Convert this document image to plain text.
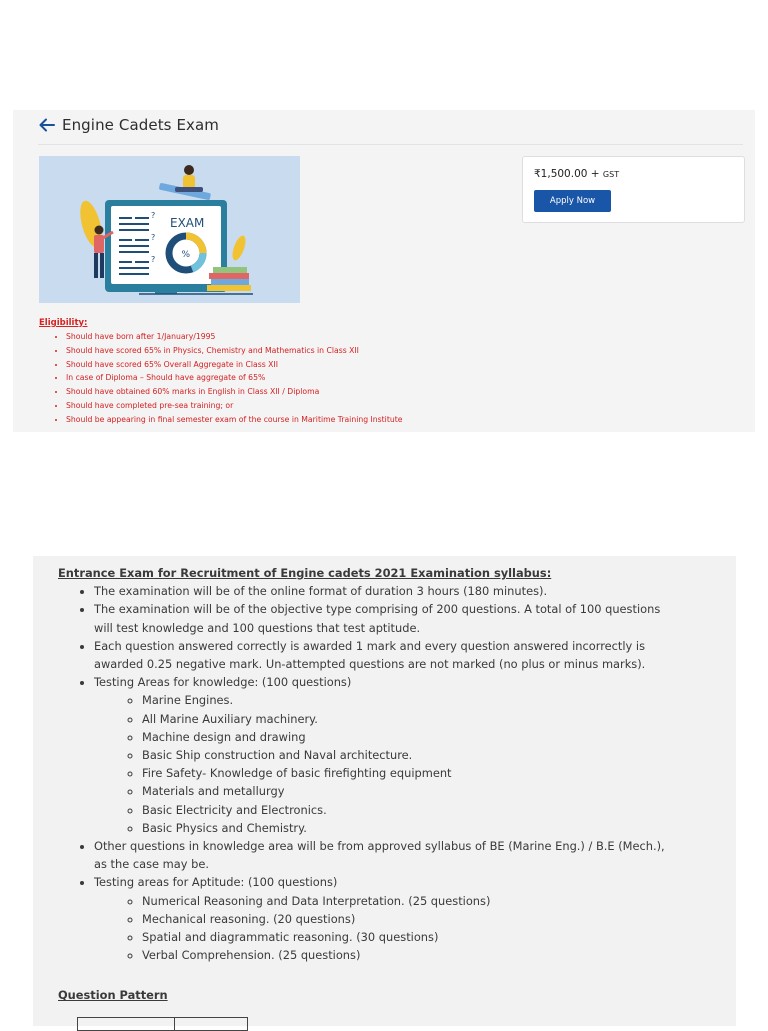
Engine Cadets Exam
?
?
?
EXAM
%
₹1,500.00 + GST
Apply Now

Eligibility:

• Should have born after 1/January/1995
• Should have scored 65% in Physics, Chemistry and Mathematics in Class XII
• Should have scored 65% Overall Aggregate in Class XII
• In case of Diploma – Should have aggregate of 65%
• Should have obtained 60% marks in English in Class XII / Diploma
• Should have completed pre-sea training; or
• Should be appearing in final semester exam of the course in Maritime Training Institute

Entrance Exam for Recruitment of Engine cadets 2021 Examination syllabus:

• The examination will be of the online format of duration 3 hours (180 minutes).
• The examination will be of the objective type comprising of 200 questions. A total of 100 questions will test knowledge and 100 questions that test aptitude.
• Each question answered correctly is awarded 1 mark and every question answered incorrectly is awarded 0.25 negative mark. Un-attempted questions are not marked (no plus or minus marks).
• Testing Areas for knowledge: (100 questions)
◦ Marine Engines.
◦ All Marine Auxiliary machinery.
◦ Machine design and drawing
◦ Basic Ship construction and Naval architecture.
◦ Fire Safety- Knowledge of basic firefighting equipment
◦ Materials and metallurgy
◦ Basic Electricity and Electronics.
◦ Basic Physics and Chemistry.
• Other questions in knowledge area will be from approved syllabus of BE (Marine Eng.) / B.E (Mech.), as the case may be.
• Testing areas for Aptitude: (100 questions)
◦ Numerical Reasoning and Data Interpretation. (25 questions)
◦ Mechanical reasoning. (20 questions)
◦ Spatial and diagrammatic reasoning. (30 questions)
◦ Verbal Comprehension. (25 questions)

Question Pattern
